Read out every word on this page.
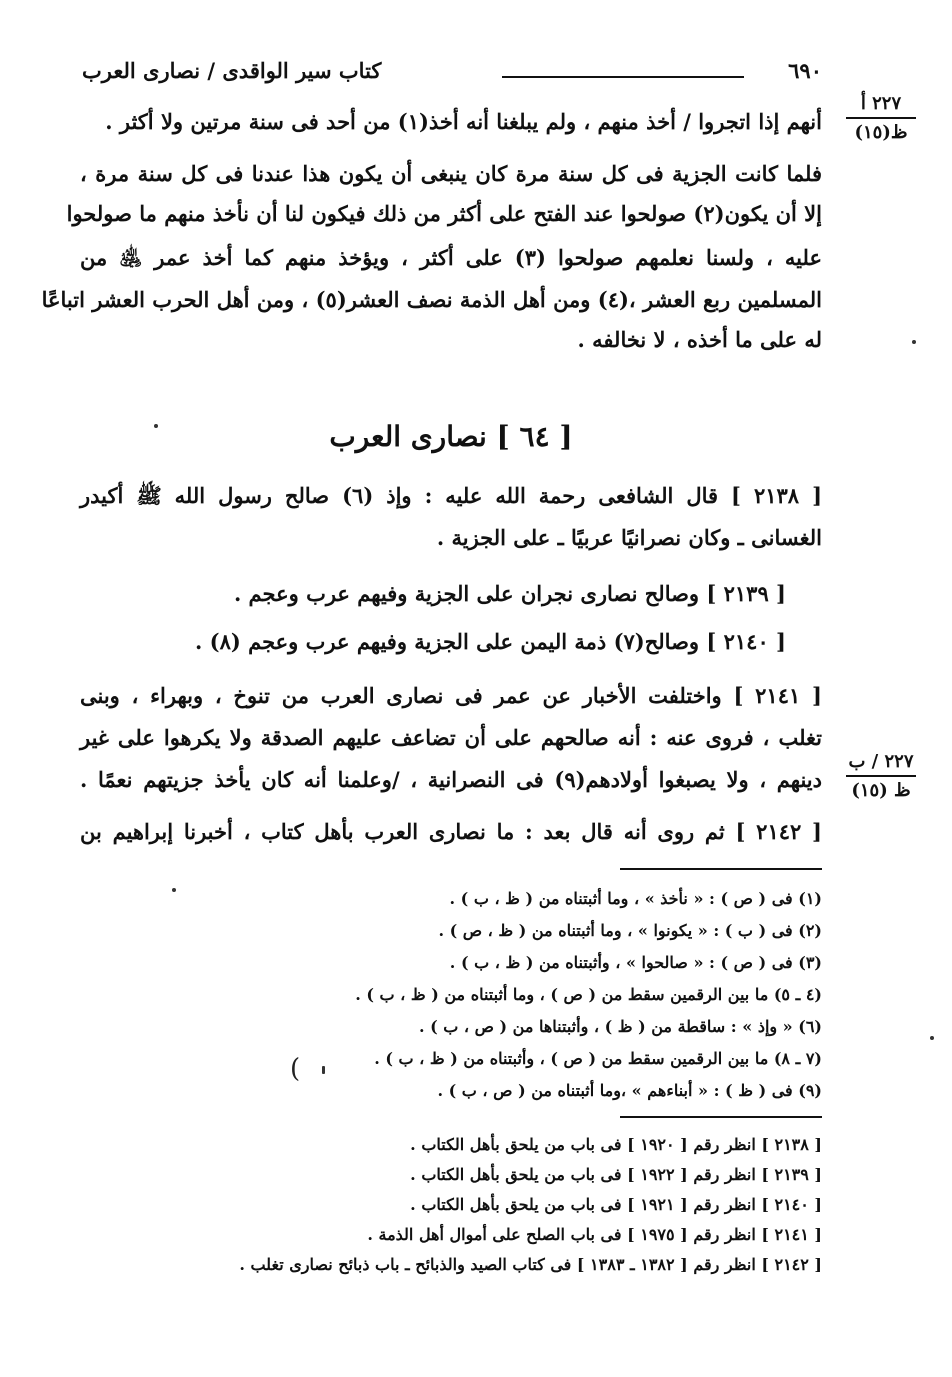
٦٩٠
كتاب سير الواقدى / نصارى العرب
٢٢٧ أ
ظ(١٥)
أنهم إذا اتجروا / أخذ منهم ، ولم يبلغنا أنه أخذ(١) من أحد فى سنة مرتين ولا أكثر .
فلما كانت الجزية فى كل سنة مرة كان ينبغى أن يكون هذا عندنا فى كل سنة مرة ،
إلا أن يكون(٢) صولحوا عند الفتح على أكثر من ذلك فيكون لنا أن نأخذ منهم ما صولحوا
عليه ، ولسنا نعلمهم صولحوا (٣) على أكثر ، ويؤخذ منهم كما أخذ عمر ﵁ من
المسلمين ربع العشر ،(٤) ومن أهل الذمة نصف العشر(٥) ، ومن أهل الحرب العشر اتباعًا
له على ما أخذه ، لا نخالفه .
[ ٦٤ ] نصارى العرب
[ ٢١٣٨ ] قال الشافعى رحمة الله عليه : وإذ (٦) صالح رسول الله ﷺ أكيدر
الغسانى ـ وكان نصرانيًا عربيًا ـ على الجزية .
[ ٢١٣٩ ] وصالح نصارى نجران على الجزية وفيهم عرب وعجم .
[ ٢١٤٠ ] وصالح(٧) ذمة اليمن على الجزية وفيهم عرب وعجم (٨) .
[ ٢١٤١ ] واختلفت الأخبار عن عمر فى نصارى العرب من تنوخ ، وبهراء ، وبنى
تغلب ، فروى عنه : أنه صالحهم على أن تضاعف عليهم الصدقة ولا يكرهوا على غير
دينهم ، ولا يصبغوا أولادهم(٩) فى النصرانية ، /وعلمنا أنه كان يأخذ جزيتهم نعمًا .
٢٢٧ / ب
ظ (١٥)
[ ٢١٤٢ ] ثم روى أنه قال بعد : ما نصارى العرب بأهل كتاب ، أخبرنا إبراهيم بن
(١) فى ( ص ) : « نأخذ » ، وما أثبتناه من ( ظ ، ب ) .
(٢) فى ( ب ) : « يكونوا » ، وما أثبتناه من ( ظ ، ص ) .
(٣) فى ( ص ) : « صالحوا » ، وأثبتناه من ( ظ ، ب ) .
(٤ ـ ٥) ما بين الرقمين سقط من ( ص ) ، وما أثبتناه من ( ظ ، ب ) .
(٦) « وإذ » : ساقطة من ( ظ ) ، وأثبتناها من ( ص ، ب ) .
(٧ ـ ٨) ما بين الرقمين سقط من ( ص ) ، وأثبتناه من ( ظ ، ب ) .
(٩) فى ( ظ ) : « أبناءهم » ،وما أثبتناه من ( ص ، ب ) .
[ ٢١٣٨ ] انظر رقم [ ١٩٢٠ ] فى باب من يلحق بأهل الكتاب .
[ ٢١٣٩ ] انظر رقم [ ١٩٢٢ ] فى باب من يلحق بأهل الكتاب .
[ ٢١٤٠ ] انظر رقم [ ١٩٢١ ] فى باب من يلحق بأهل الكتاب .
[ ٢١٤١ ] انظر رقم [ ١٩٧٥ ] فى باب الصلح على أموال أهل الذمة .
[ ٢١٤٢ ] انظر رقم [ ١٣٨٢ ـ ١٣٨٣ ] فى كتاب الصيد والذبائح ـ باب ذبائح نصارى تغلب .
(
